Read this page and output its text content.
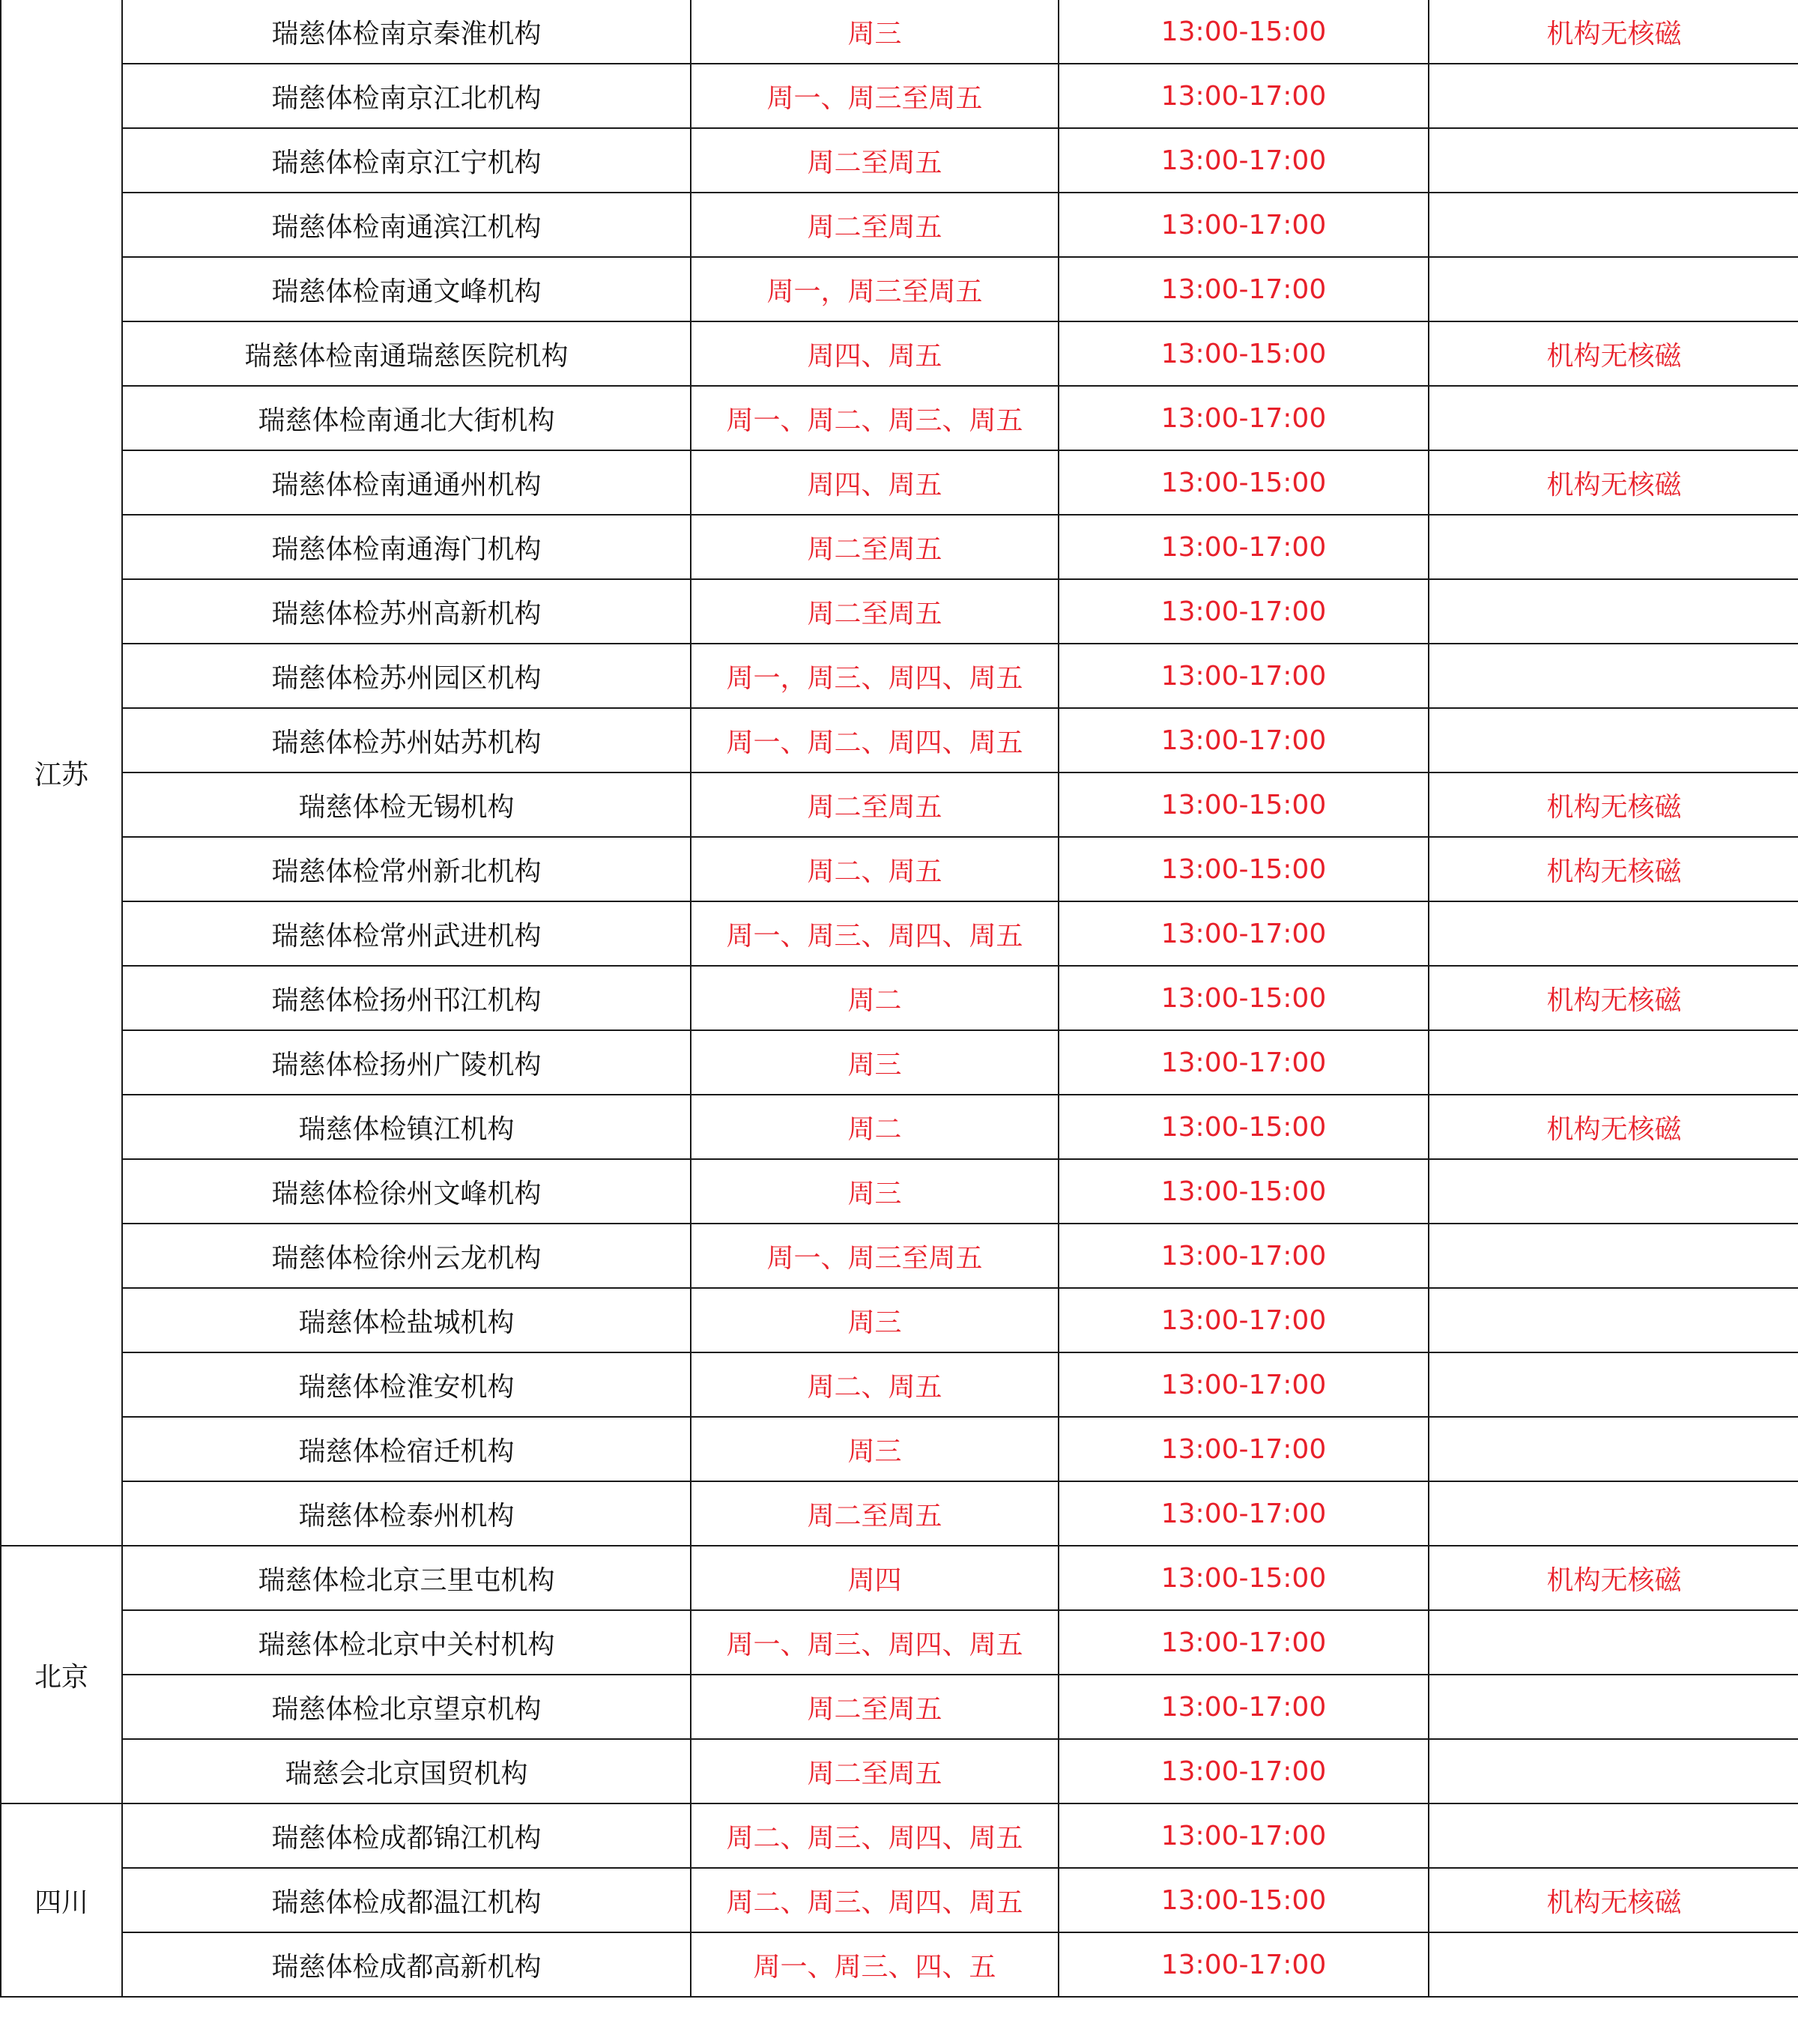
江苏	瑞慈体检南京秦淮机构	周三	13:00-15:00	机构无核磁
	瑞慈体检南京江北机构	周一、周三至周五	13:00-17:00	
	瑞慈体检南京江宁机构	周二至周五	13:00-17:00	
	瑞慈体检南通滨江机构	周二至周五	13:00-17:00	
	瑞慈体检南通文峰机构	周一，周三至周五	13:00-17:00	
	瑞慈体检南通瑞慈医院机构	周四、周五	13:00-15:00	机构无核磁
	瑞慈体检南通北大街机构	周一、周二、周三、周五	13:00-17:00	
	瑞慈体检南通通州机构	周四、周五	13:00-15:00	机构无核磁
	瑞慈体检南通海门机构	周二至周五	13:00-17:00	
	瑞慈体检苏州高新机构	周二至周五	13:00-17:00	
	瑞慈体检苏州园区机构	周一，周三、周四、周五	13:00-17:00	
	瑞慈体检苏州姑苏机构	周一、周二、周四、周五	13:00-17:00	
	瑞慈体检无锡机构	周二至周五	13:00-15:00	机构无核磁
	瑞慈体检常州新北机构	周二、周五	13:00-15:00	机构无核磁
	瑞慈体检常州武进机构	周一、周三、周四、周五	13:00-17:00	
	瑞慈体检扬州邗江机构	周二	13:00-15:00	机构无核磁
	瑞慈体检扬州广陵机构	周三	13:00-17:00	
	瑞慈体检镇江机构	周二	13:00-15:00	机构无核磁
	瑞慈体检徐州文峰机构	周三	13:00-15:00	
	瑞慈体检徐州云龙机构	周一、周三至周五	13:00-17:00	
	瑞慈体检盐城机构	周三	13:00-17:00	
	瑞慈体检淮安机构	周二、周五	13:00-17:00	
	瑞慈体检宿迁机构	周三	13:00-17:00	
	瑞慈体检泰州机构	周二至周五	13:00-17:00	
北京	瑞慈体检北京三里屯机构	周四	13:00-15:00	机构无核磁
	瑞慈体检北京中关村机构	周一、周三、周四、周五	13:00-17:00	
	瑞慈体检北京望京机构	周二至周五	13:00-17:00	
	瑞慈会北京国贸机构	周二至周五	13:00-17:00	
四川	瑞慈体检成都锦江机构	周二、周三、周四、周五	13:00-17:00	
	瑞慈体检成都温江机构	周二、周三、周四、周五	13:00-15:00	机构无核磁
	瑞慈体检成都高新机构	周一、周三、四、五	13:00-17:00	
